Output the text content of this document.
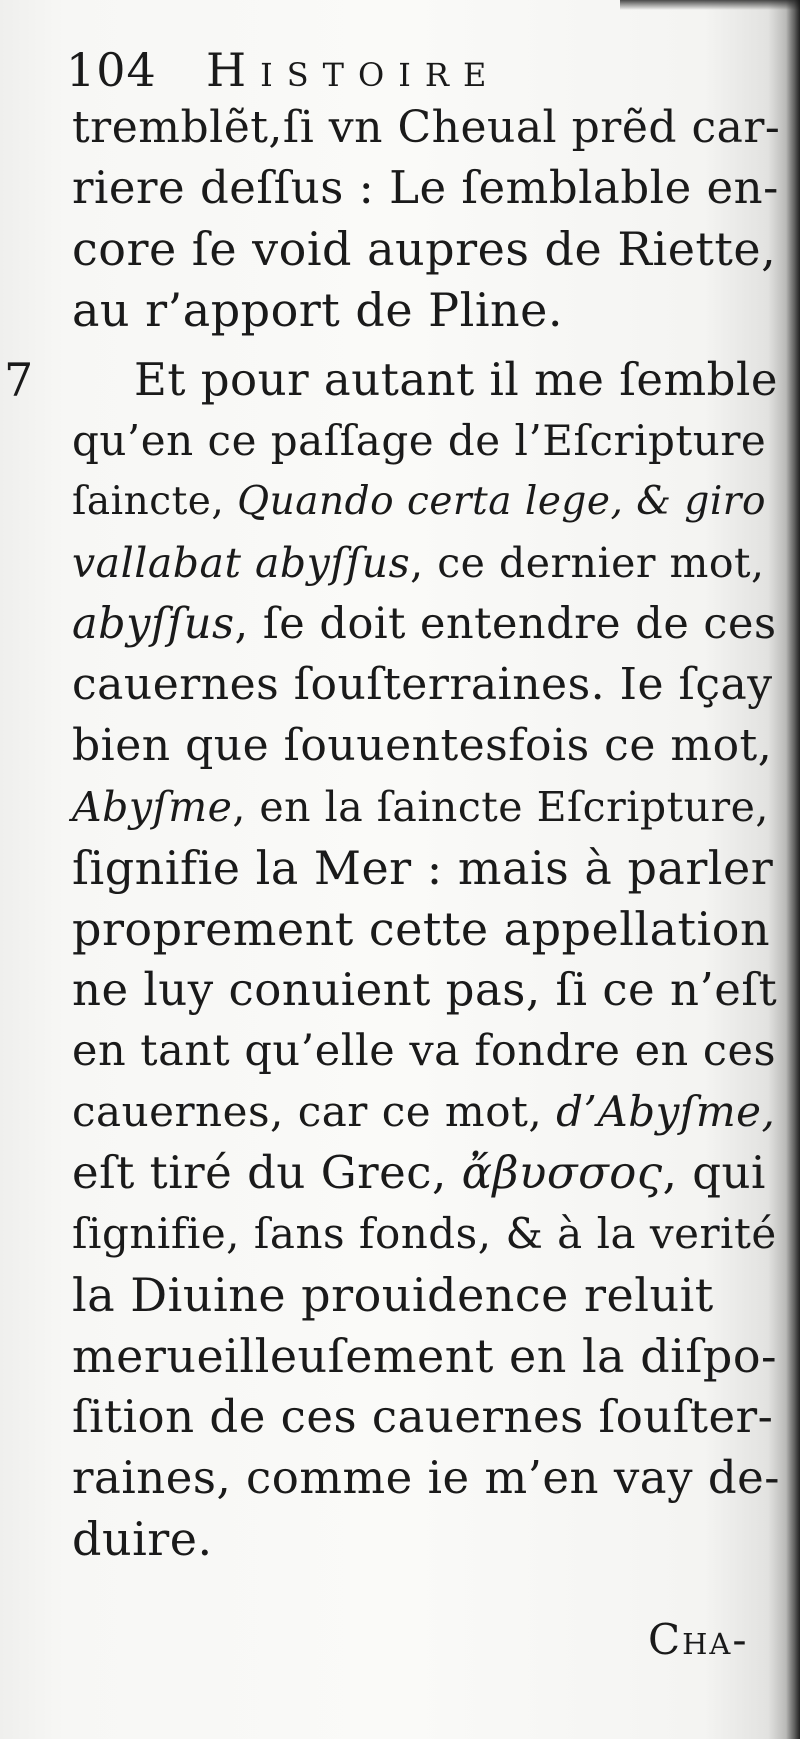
104 Histoire
7
tremblẽt,ſi vn Cheual prẽd car-
riere deſſus : Le ſemblable en-
core ſe void aupres de Riette,
au r’apport de Pline.
Et pour autant il me ſemble
qu’en ce paſſage de l’Eſcripture
ſaincte, Quando certa lege, & giro
vallabat abyſſus, ce dernier mot,
abyſſus, ſe doit entendre de ces
cauernes ſouſterraines. Ie ſçay
bien que ſouuentesfois ce mot,
Abyſme, en la ſaincte Eſcripture,
ſignifie la Mer : mais à parler
proprement cette appellation
ne luy conuient pas, ſi ce n’eſt
en tant qu’elle va fondre en ces
cauernes, car ce mot, d’Abyſme,
eſt tiré du Grec, ἄβυσσος, qui
ſignifie, ſans fonds, & à la verité
la Diuine prouidence reluit
merueilleuſement en la diſpo-
ſition de ces cauernes ſouſter-
raines, comme ie m’en vay de-
duire.
Cha-
